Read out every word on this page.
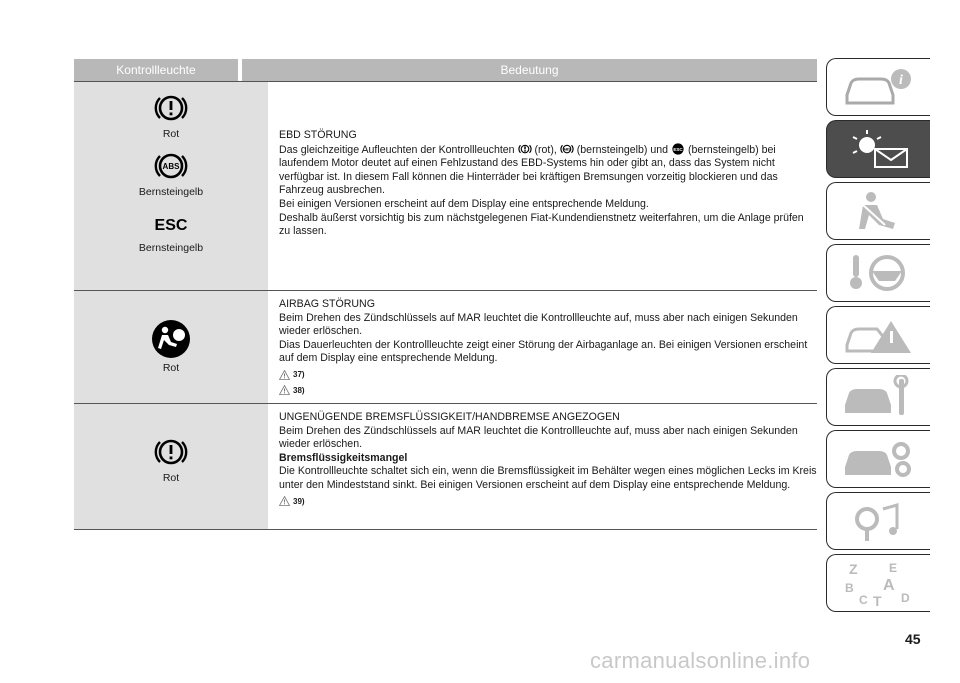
Kontrollleuchte	Bedeutung
Rot
ABS
Bernsteingelb
ESC
Bernsteingelb

EBD STÖRUNG

Das gleichzeitige Aufleuchten der Kontrollleuchten (rot), ABS (bernsteingelb) und ESC (bernsteingelb) bei laufendem Motor deutet auf einen Fehlzustand des EBD-Systems hin oder gibt an, dass das System nicht verfügbar ist. In diesem Fall können die Hinterräder bei kräftigen Bremsungen vorzeitig blockieren und das Fahrzeug ausbrechen.

Bei einigen Versionen erscheint auf dem Display eine entsprechende Meldung.

Deshalb äußerst vorsichtig bis zum nächstgelegenen Fiat-Kundendienstnetz weiterfahren, um die Anlage prüfen zu lassen.

Rot

AIRBAG STÖRUNG

Beim Drehen des Zündschlüssels auf MAR leuchtet die Kontrollleuchte auf, muss aber nach einigen Sekunden wieder erlöschen.

Dias Dauerleuchten der Kontrollleuchte zeigt einer Störung der Airbaganlage an. Bei einigen Versionen erscheint auf dem Display eine entsprechende Meldung.

37)
38)
Rot

UNGENÜGENDE BREMSFLÜSSIGKEIT/HANDBREMSE ANGEZOGEN

Beim Drehen des Zündschlüssels auf MAR leuchtet die Kontrollleuchte auf, muss aber nach einigen Sekunden wieder erlöschen.

Bremsflüssigkeitsmangel

Die Kontrollleuchte schaltet sich ein, wenn die Bremsflüssigkeit im Behälter wegen eines möglichen Lecks im Kreis unter den Mindeststand sinkt. Bei einigen Versionen erscheint auf dem Display eine entsprechende Meldung.

39)
i
Z	E
A
B
C T D
45
carmanualsonline.info
